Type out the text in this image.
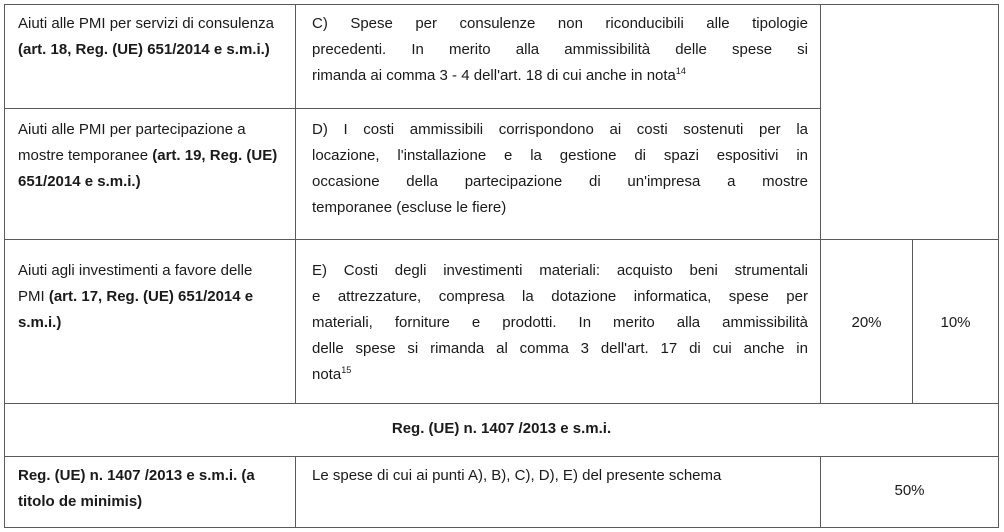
Aiuti alle PMI per servizi di consulenza (art. 18, Reg. (UE) 651/2014 e s.m.i.)
C) Spese per consulenze non riconducibili alle tipologie
precedenti. In merito alla ammissibilità delle spese si
rimanda ai comma 3 - 4 dell'art. 18 di cui anche in nota$^{14}$
Aiuti alle PMI per partecipazione a mostre temporanee (art. 19, Reg. (UE) 651/2014 e s.m.i.)
D) I costi ammissibili corrispondono ai costi sostenuti per la
locazione, l'installazione e la gestione di spazi espositivi in
occasione della partecipazione di un'impresa a mostre
temporanee (escluse le fiere)
Aiuti agli investimenti a favore delle PMI (art. 17, Reg. (UE) 651/2014 e s.m.i.)
E) Costi degli investimenti materiali: acquisto beni strumentali
e attrezzature, compresa la dotazione informatica, spese per
materiali, forniture e prodotti. In merito alla ammissibilità
delle spese si rimanda al comma 3 dell'art. 17 di cui anche in
nota$^{15}$
20%	10%
Reg. (UE) n. 1407 /2013 e s.m.i.
Reg. (UE) n. 1407 /2013 e s.m.i. (a titolo de minimis)
Le spese di cui ai punti A), B), C), D), E) del presente schema
50%
